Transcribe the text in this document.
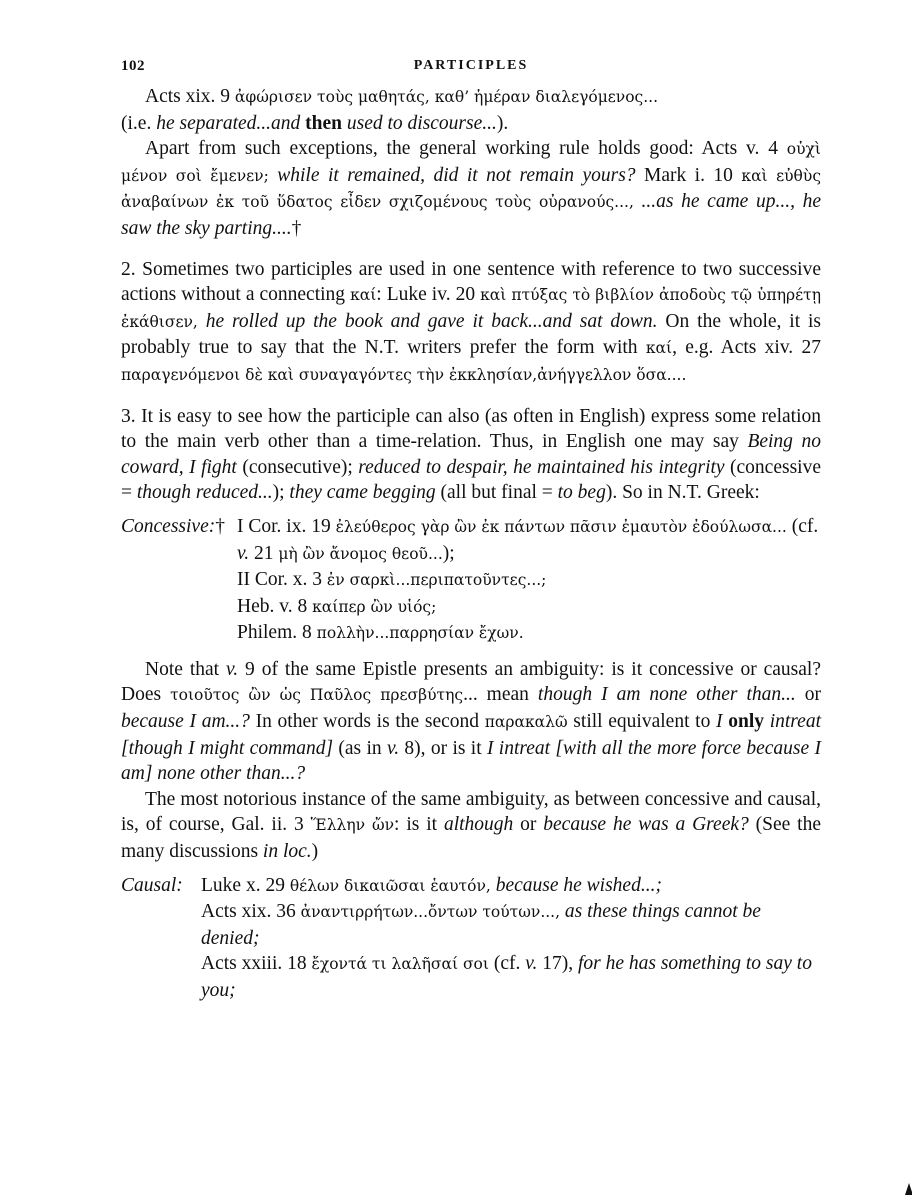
102	PARTICIPLES

Acts xix. 9 ἀφώρισεν τοὺς μαθητάς, καθ’ ἡμέραν διαλεγόμενος...
(i.e. he separated...and then used to discourse...).

Apart from such exceptions, the general working rule holds good: Acts v. 4 οὐχὶ μένον σοὶ ἔμενεν; while it remained, did it not remain yours? Mark i. 10 καὶ εὐθὺς ἀναβαίνων ἐκ τοῦ ὕδατος εἶδεν σχιζομένους τοὺς οὐρανούς..., ...as he came up..., he saw the sky parting....†

2. Sometimes two participles are used in one sentence with reference to two successive actions without a connecting καί: Luke iv. 20 καὶ πτύξας τὸ βιβλίον ἀποδοὺς τῷ ὑπηρέτῃ ἐκάθισεν, he rolled up the book and gave it back...and sat down. On the whole, it is probably true to say that the N.T. writers prefer the form with καί, e.g. Acts xiv. 27 παραγενόμενοι δὲ καὶ συναγαγόντες τὴν ἐκκλησίαν,ἀνήγγελλον ὅσα....

3. It is easy to see how the participle can also (as often in English) express some relation to the main verb other than a time-relation. Thus, in English one may say Being no coward, I fight (consecutive); reduced to despair, he maintained his integrity (concessive = though reduced...); they came begging (all but final = to beg). So in N.T. Greek:

Concessive:† I Cor. ix. 19 ἐλεύθερος γὰρ ὢν ἐκ πάντων πᾶσιν ἐμαυτὸν ἐδούλωσα... (cf. v. 21 μὴ ὢν ἄνομος θεοῦ...);
II Cor. x. 3 ἐν σαρκὶ...περιπατοῦντες...;
Heb. v. 8 καίπερ ὢν υἱός;
Philem. 8 πολλὴν...παρρησίαν ἔχων.

Note that v. 9 of the same Epistle presents an ambiguity: is it concessive or causal? Does τοιοῦτος ὢν ὡς Παῦλος πρεσβύτης... mean though I am none other than... or because I am...? In other words is the second παρακαλῶ still equivalent to I only intreat [though I might command] (as in v. 8), or is it I intreat [with all the more force because I am] none other than...?

The most notorious instance of the same ambiguity, as between concessive and causal, is, of course, Gal. ii. 3 Ἕλλην ὤν: is it although or because he was a Greek? (See the many discussions in loc.)

Causal: Luke x. 29 θέλων δικαιῶσαι ἑαυτόν, because he wished...;
Acts xix. 36 ἀναντιρρήτων...ὄντων τούτων..., as these things cannot be denied;
Acts xxiii. 18 ἔχοντά τι λαλῆσαί σοι (cf. v. 17), for he has something to say to you;
